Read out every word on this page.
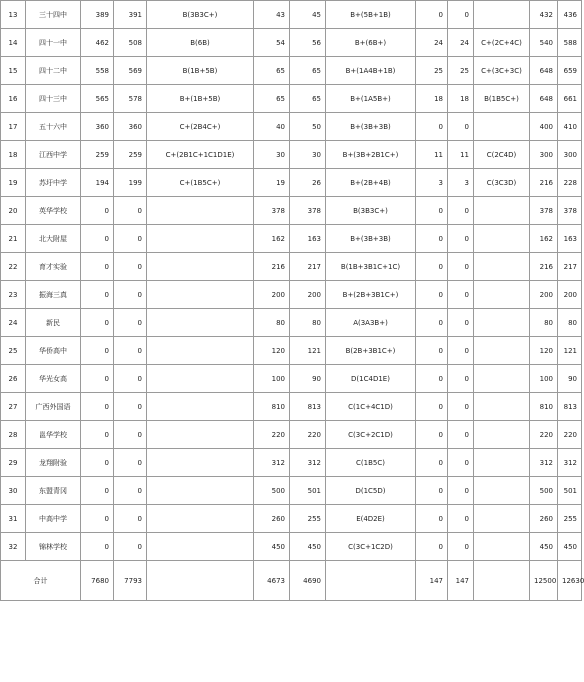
13	三十四中	389	391	B(3B3C+)	43	45	B+(5B+1B)	0	0		432	436
14	四十一中	462	508	B(6B)	54	56	B+(6B+)	24	24	C+(2C+4C)	540	588
15	四十二中	558	569	B(1B+5B)	65	65	B+(1A4B+1B)	25	25	C+(3C+3C)	648	659
16	四十三中	565	578	B+(1B+5B)	65	65	B+(1A5B+)	18	18	B(1B5C+)	648	661
17	五十六中	360	360	C+(2B4C+)	40	50	B+(3B+3B)	0	0		400	410
18	江西中学	259	259	C+(2B1C+1C1D1E)	30	30	B+(3B+2B1C+)	11	11	C(2C4D)	300	300
19	苏圩中学	194	199	C+(1B5C+)	19	26	B+(2B+4B)	3	3	C(3C3D)	216	228
20	英华学校	0	0		378	378	B(3B3C+)	0	0		378	378
21	北大附屋	0	0		162	163	B+(3B+3B)	0	0		162	163
22	育才实验	0	0		216	217	B(1B+3B1C+1C)	0	0		216	217
23	振海三真	0	0		200	200	B+(2B+3B1C+)	0	0		200	200
24	新民	0	0		80	80	A(3A3B+)	0	0		80	80
25	华侨高中	0	0		120	121	B(2B+3B1C+)	0	0		120	121
26	华光女高	0	0		100	90	D(1C4D1E)	0	0		100	90
27	广西外国语	0	0		810	813	C(1C+4C1D)	0	0		810	813
28	邕华学校	0	0		220	220	C(3C+2C1D)	0	0		220	220
29	龙翔附验	0	0		312	312	C(1B5C)	0	0		312	312
30	东盟青冈	0	0		500	501	D(1C5D)	0	0		500	501
31	中高中学	0	0		260	255	E(4D2E)	0	0		260	255
32	锦林学校	0	0		450	450	C(3C+1C2D)	0	0		450	450
合计		7680	7793		4673	4690		147	147		12500	12630
